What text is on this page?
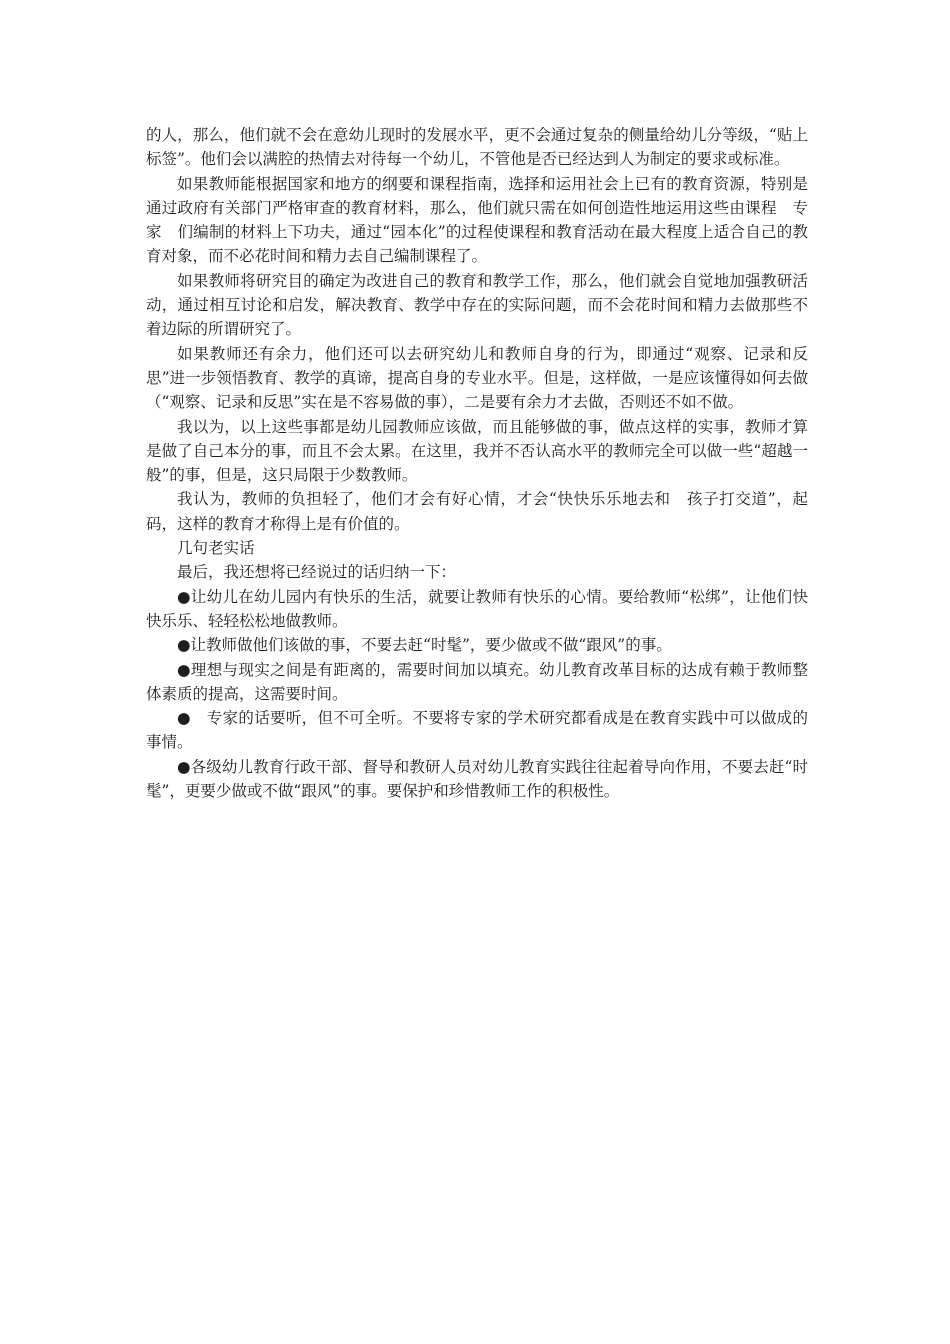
的人，那么，他们就不会在意幼儿现时的发展水平，更不会通过复杂的侧量给幼儿分等级，“贴上标签”。他们会以满腔的热情去对待每一个幼儿，不管他是否已经达到人为制定的要求或标准。

如果教师能根据国家和地方的纲要和课程指南，选择和运用社会上已有的教育资源，特别是通过政府有关部门严格审查的教育材料，那么，他们就只需在如何创造性地运用这些由课程　专家　们编制的材料上下功夫，通过“园本化”的过程使课程和教育活动在最大程度上适合自己的教育对象，而不必花时间和精力去自己编制课程了。

如果教师将研究目的确定为改进自己的教育和教学工作，那么，他们就会自觉地加强教研活动，通过相互讨论和启发，解决教育、教学中存在的实际问题，而不会花时间和精力去做那些不着边际的所谓研究了。

如果教师还有余力，他们还可以去研究幼儿和教师自身的行为，即通过“观察、记录和反思”进一步领悟教育、教学的真谛，提高自身的专业水平。但是，这样做，一是应该懂得如何去做（“观察、记录和反思”实在是不容易做的事），二是要有余力才去做，否则还不如不做。

我以为，以上这些事都是幼儿园教师应该做，而且能够做的事，做点这样的实事，教师才算是做了自己本分的事，而且不会太累。在这里，我并不否认高水平的教师完全可以做一些“超越一般”的事，但是，这只局限于少数教师。

我认为，教师的负担轻了，他们才会有好心情，才会“快快乐乐地去和　孩子打交道”，起码，这样的教育才称得上是有价值的。

几句老实话

最后，我还想将已经说过的话归纳一下：

●让幼儿在幼儿园内有快乐的生活，就要让教师有快乐的心情。要给教师“松绑”，让他们快快乐乐、轻轻松松地做教师。

●让教师做他们该做的事，不要去赶“时髦”，要少做或不做“跟风”的事。

●理想与现实之间是有距离的，需要时间加以填充。幼儿教育改革目标的达成有赖于教师整体素质的提高，这需要时间。

●　专家的话要听，但不可全听。不要将专家的学术研究都看成是在教育实践中可以做成的事情。

●各级幼儿教育行政干部、督导和教研人员对幼儿教育实践往往起着导向作用，不要去赶“时髦”，更要少做或不做“跟风”的事。要保护和珍惜教师工作的积极性。
